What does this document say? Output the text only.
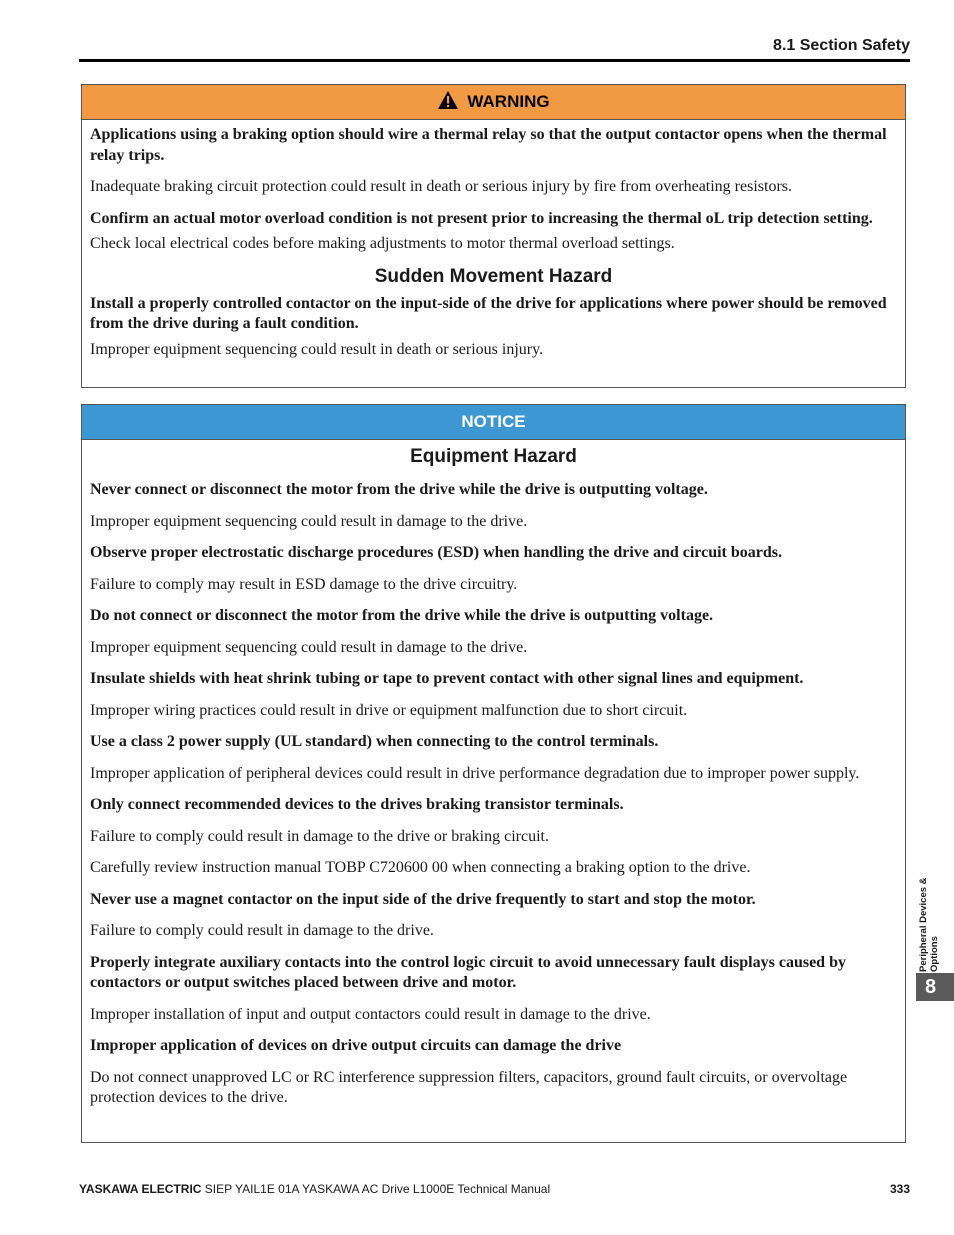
8.1 Section Safety
WARNING

Applications using a braking option should wire a thermal relay so that the output contactor opens when the thermal relay trips.

Inadequate braking circuit protection could result in death or serious injury by fire from overheating resistors.

Confirm an actual motor overload condition is not present prior to increasing the thermal oL trip detection setting.

Check local electrical codes before making adjustments to motor thermal overload settings.

Sudden Movement Hazard

Install a properly controlled contactor on the input-side of the drive for applications where power should be removed from the drive during a fault condition.

Improper equipment sequencing could result in death or serious injury.

NOTICE
Equipment Hazard

Never connect or disconnect the motor from the drive while the drive is outputting voltage.

Improper equipment sequencing could result in damage to the drive.

Observe proper electrostatic discharge procedures (ESD) when handling the drive and circuit boards.

Failure to comply may result in ESD damage to the drive circuitry.

Do not connect or disconnect the motor from the drive while the drive is outputting voltage.

Improper equipment sequencing could result in damage to the drive.

Insulate shields with heat shrink tubing or tape to prevent contact with other signal lines and equipment.

Improper wiring practices could result in drive or equipment malfunction due to short circuit.

Use a class 2 power supply (UL standard) when connecting to the control terminals.

Improper application of peripheral devices could result in drive performance degradation due to improper power supply.

Only connect recommended devices to the drives braking transistor terminals.

Failure to comply could result in damage to the drive or braking circuit.

Carefully review instruction manual TOBP C720600 00 when connecting a braking option to the drive.

Never use a magnet contactor on the input side of the drive frequently to start and stop the motor.

Failure to comply could result in damage to the drive.

Properly integrate auxiliary contacts into the control logic circuit to avoid unnecessary fault displays caused by contactors or output switches placed between drive and motor.

Improper installation of input and output contactors could result in damage to the drive.

Improper application of devices on drive output circuits can damage the drive

Do not connect unapproved LC or RC interference suppression filters, capacitors, ground fault circuits, or overvoltage protection devices to the drive.

Peripheral Devices & Options
8
YASKAWA ELECTRIC SIEP YAIL1E 01A YASKAWA AC Drive L1000E Technical Manual	333
